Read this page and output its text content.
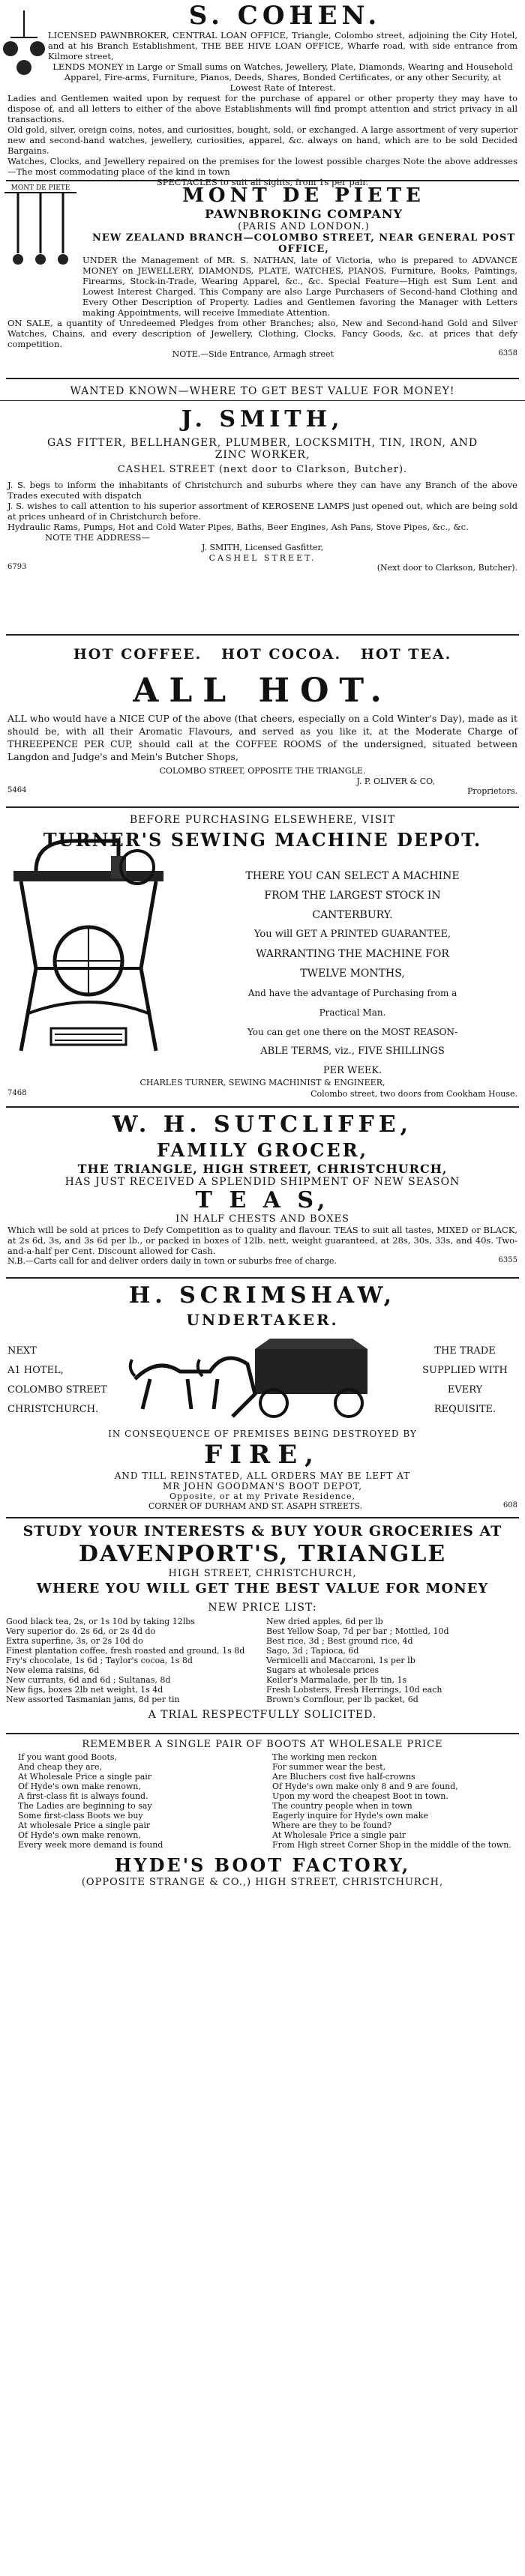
S. COHEN.
LICENSED PAWNBROKER, CENTRAL LOAN OFFICE, Triangle, Colombo street, adjoining the City Hotel, and at his Branch Establishment, THE BEE HIVE LOAN OFFICE, Wharfe road, with side entrance from Kilmore street,
LENDS MONEY in Large or Small sums on Watches, Jewellery, Plate, Diamonds, Wearing and Household Apparel, Fire-arms, Furniture, Pianos, Deeds, Shares, Bonded Certificates, or any other Security, at Lowest Rate of Interest.
Ladies and Gentlemen waited upon by request for the purchase of apparel or other property they may have to dispose of, and all letters to either of the above Establishments will find prompt attention and strict privacy in all transactions.
Old gold, silver, oreign coins, notes, and curiosities, bought, sold, or exchanged. A large assortment of very superior new and second-hand watches, jewellery, curiosities, apparel, &c. always on hand, which are to be sold Decided Bargains.
Watches, Clocks, and Jewellery repaired on the premises for the lowest possible charges Note the above addresses—The most commodating place of the kind in town
SPECTACLES to suit all sights, from 1s per pair.
MONT DE PIETE	MONT DE PIETE
PAWNBROKING COMPANY
(PARIS AND LONDON.)
NEW ZEALAND BRANCH—COLOMBO STREET, NEAR GENERAL POST OFFICE,
UNDER the Management of MR. S. NATHAN, late of Victoria, who is prepared to ADVANCE MONEY on JEWELLERY, DIAMONDS, PLATE, WATCHES, PIANOS, Furniture, Books, Paintings, Firearms, Stock-in-Trade, Wearing Apparel, &c., &c. Special Feature—High est Sum Lent and Lowest Interest Charged. This Company are also Large Purchasers of Second-hand Clothing and Every Other Description of Property. Ladies and Gentlemen favoring the Manager with Letters making Appointments, will receive Immediate Attention.
ON SALE, a quantity of Unredeemed Pledges from other Branches; also, New and Second-hand Gold and Silver Watches, Chains, and every description of Jewellery, Clothing, Clocks, Fancy Goods, &c. at prices that defy competition.
NOTE.—Side Entrance, Armagh street	6358
WANTED KNOWN—WHERE TO GET BEST VALUE FOR MONEY!
J. SMITH,
GAS FITTER, BELLHANGER, PLUMBER, LOCKSMITH, TIN, IRON, AND ZINC WORKER,
CASHEL STREET (next door to Clarkson, Butcher).
J. S. begs to inform the inhabitants of Christchurch and suburbs where they can have any Branch of the above Trades executed with dispatch
J. S. wishes to call attention to his superior assortment of KEROSENE LAMPS just opened out, which are being sold at prices unheard of in Christchurch before.
Hydraulic Rams, Pumps, Hot and Cold Water Pipes, Baths, Beer Engines, Ash Pans, Stove Pipes, &c., &c.
NOTE THE ADDRESS—
J. SMITH, Licensed Gasfitter,
CASHEL STREET.
6793	(Next door to Clarkson, Butcher).
HOT COFFEE.   HOT COCOA.   HOT TEA.
ALL HOT.
ALL who would have a NICE CUP of the above (that cheers, especially on a Cold Winter's Day), made as it should be, with all their Aromatic Flavours, and served as you like it, at the Moderate Charge of THREEPENCE PER CUP, should call at the COFFEE ROOMS of the undersigned, situated between Langdon and Judge's and Mein's Butcher Shops,
COLOMBO STREET, OPPOSITE THE TRIANGLE.
J. P. OLIVER & CO,
5464	Proprietors.
BEFORE PURCHASING ELSEWHERE, VISIT
TURNER'S SEWING MACHINE DEPOT.
THERE YOU CAN SELECT A MACHINE
FROM THE LARGEST STOCK IN
CANTERBURY.
You will GET A PRINTED GUARANTEE,
WARRANTING THE MACHINE FOR
TWELVE MONTHS,
And have the advantage of Purchasing from a
Practical Man.
You can get one there on the MOST REASON-
ABLE TERMS, viz., FIVE SHILLINGS
PER WEEK.
CHARLES TURNER, SEWING MACHINIST & ENGINEER,
7468	Colombo street, two doors from Cookham House.
W. H. SUTCLIFFE,
FAMILY GROCER,
THE TRIANGLE, HIGH STREET, CHRISTCHURCH,
HAS JUST RECEIVED A SPLENDID SHIPMENT OF NEW SEASON
T E A S,
IN HALF CHESTS AND BOXES
Which will be sold at prices to Defy Competition as to quality and flavour. TEAS to suit all tastes, MIXED or BLACK, at 2s 6d, 3s, and 3s 6d per lb., or packed in boxes of 12lb. nett, weight guaranteed, at 28s, 30s, 33s, and 40s. Two-and-a-half per Cent. Discount allowed for Cash.
N.B.—Carts call for and deliver orders daily in town or suburbs free of charge.	6355
H. SCRIMSHAW,
UNDERTAKER.
NEXT
A1 HOTEL,
COLOMBO STREET
CHRISTCHURCH.
THE TRADE
SUPPLIED WITH
EVERY
REQUISITE.
IN CONSEQUENCE OF PREMISES BEING DESTROYED BY
FIRE,
AND TILL REINSTATED, ALL ORDERS MAY BE LEFT AT
MR JOHN GOODMAN'S BOOT DEPOT,
Opposite, or at my Private Residence,
CORNER OF DURHAM AND ST. ASAPH STREETS.	608
STUDY YOUR INTERESTS & BUY YOUR GROCERIES AT
DAVENPORT'S, TRIANGLE
HIGH STREET, CHRISTCHURCH,
WHERE YOU WILL GET THE BEST VALUE FOR MONEY
NEW PRICE LIST:
Good black tea, 2s, or 1s 10d by taking 12lbs
Very superior do. 2s 6d, or 2s 4d do
Extra superfine, 3s, or 2s 10d do
Finest plantation coffee, fresh roasted and ground, 1s 8d
Fry's chocolate, 1s 6d ; Taylor's cocoa, 1s 8d
New elema raisins, 6d
New currants, 6d and 6d ; Sultanas, 8d
New figs, boxes 2lb net weight, 1s 4d
New assorted Tasmanian jams, 8d per tin
New dried apples, 6d per lb
Best Yellow Soap, 7d per bar ; Mottled, 10d
Best rice, 3d ; Best ground rice, 4d
Sago, 3d ; Tapioca, 6d
Vermicelli and Maccaroni, 1s per lb
Sugars at wholesale prices
Keiler's Marmalade, per lb tin, 1s
Fresh Lobsters, Fresh Herrings, 10d each
Brown's Cornflour, per lb packet, 6d
A TRIAL RESPECTFULLY SOLICITED.
REMEMBER A SINGLE PAIR OF BOOTS AT WHOLESALE PRICE
If you want good Boots,
And cheap they are,
At Wholesale Price a single pair
Of Hyde's own make renown,
A first-class fit is always found.
The Ladies are beginning to say
Some first-class Boots we buy
At wholesale Price a single pair
Of Hyde's own make renown,
Every week more demand is found
The working men reckon
For summer wear the best,
Are Bluchers cost five half-crowns
Of Hyde's own make only 8 and 9 are found,
Upon my word the cheapest Boot in town.
The country people when in town
Eagerly inquire for Hyde's own make
Where are they to be found?
At Wholesale Price a single pair
From High street Corner Shop in the middle of the town.
HYDE'S BOOT FACTORY,
(OPPOSITE STRANGE & CO.,) HIGH STREET, CHRISTCHURCH,
